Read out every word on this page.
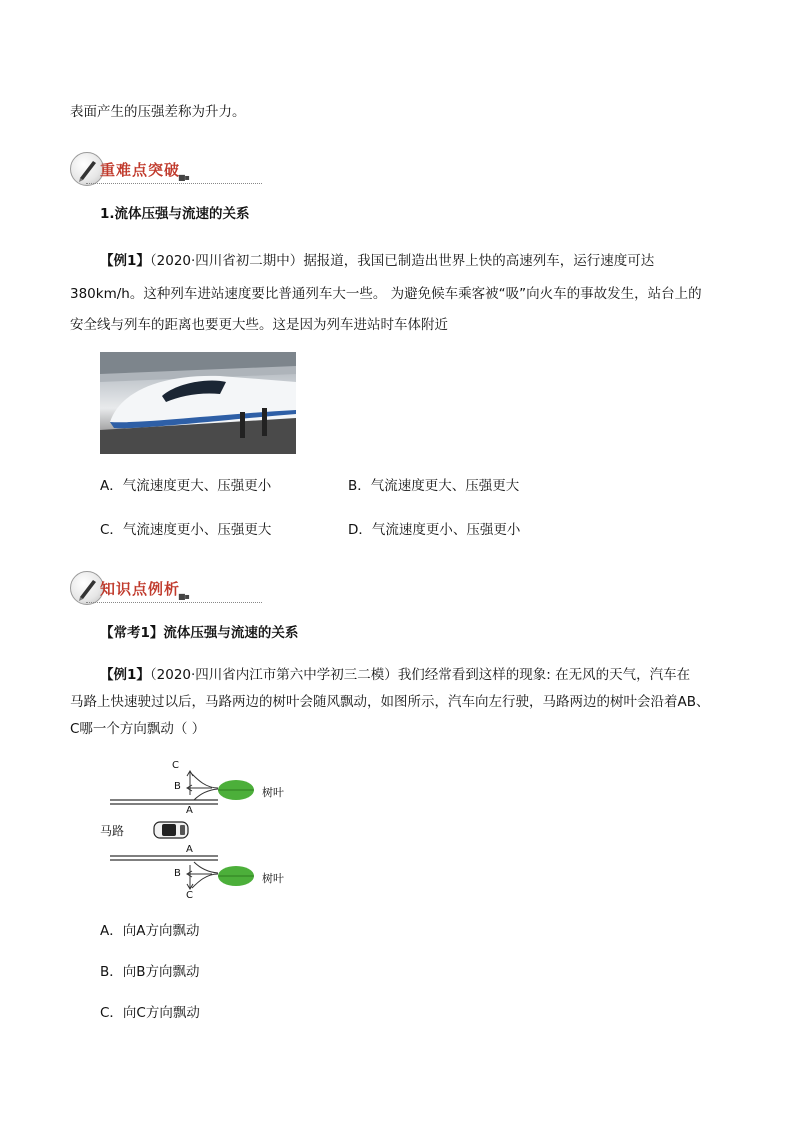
表面产生的压强差称为升力。
重难点突破
■▪
1.流体压强与流速的关系
【例1】（2020·四川省初二期中）据报道，我国已制造出世界上快的高速列车，运行速度可达
380km/h。这种列车进站速度要比普通列车大一些。 为避免候车乘客被“吸”向火车的事故发生，站台上的
安全线与列车的距离也要更大些。这是因为列车进站时车体附近
A．气流速度更大、压强更小	B．气流速度更大、压强更大
C．气流速度更小、压强更大	D．气流速度更小、压强更小
知识点例析
■▪
【常考1】流体压强与流速的关系
【例1】（2020·四川省内江市第六中学初三二模）我们经常看到这样的现象: 在无风的天气，汽车在
马路上快速驶过以后，马路两边的树叶会随风飘动，如图所示，汽车向左行驶，马路两边的树叶会沿着AB、
C哪一个方向飘动（ ）
C
B
A
A
B
C
树叶
树叶
马路
A．向A方向飘动
B．向B方向飘动
C．向C方向飘动
